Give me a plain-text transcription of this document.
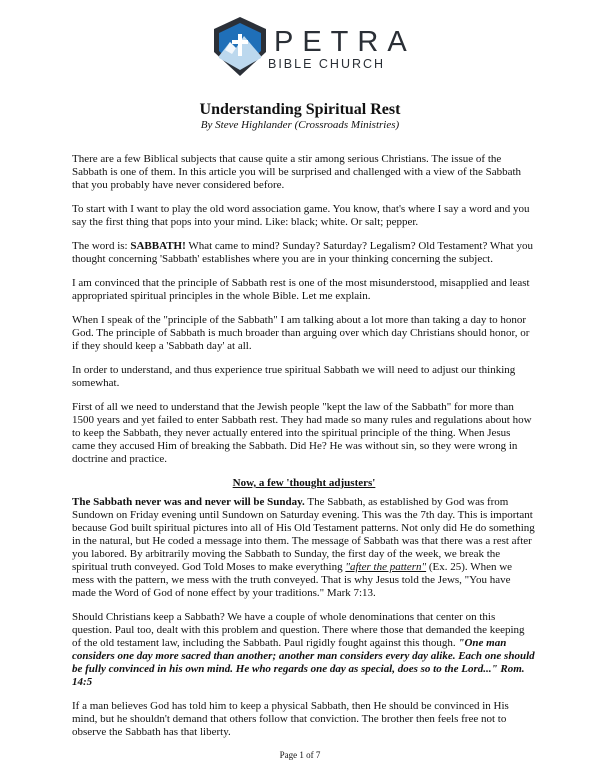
PETRA
BIBLE CHURCH
Understanding Spiritual Rest
By Steve Highlander (Crossroads Ministries)

There are a few Biblical subjects that cause quite a stir among serious Christians. The issue of the Sabbath is one of them. In this article you will be surprised and challenged with a view of the Sabbath that you probably have never considered before.

To start with I want to play the old word association game. You know, that's where I say a word and you say the first thing that pops into your mind. Like: black; white. Or salt; pepper.

The word is: SABBATH! What came to mind? Sunday? Saturday? Legalism? Old Testament? What you thought concerning 'Sabbath' establishes where you are in your thinking concerning the subject.

I am convinced that the principle of Sabbath rest is one of the most misunderstood, misapplied and least appropriated spiritual principles in the whole Bible. Let me explain.

When I speak of the "principle of the Sabbath" I am talking about a lot more than taking a day to honor God. The principle of Sabbath is much broader than arguing over which day Christians should honor, or if they should keep a 'Sabbath day' at all.

In order to understand, and thus experience true spiritual Sabbath we will need to adjust our thinking somewhat.

First of all we need to understand that the Jewish people "kept the law of the Sabbath" for more than 1500 years and yet failed to enter Sabbath rest. They had made so many rules and regulations about how to keep the Sabbath, they never actually entered into the spiritual principle of the thing. When Jesus came they accused Him of breaking the Sabbath. Did He? He was without sin, so they were wrong in doctrine and practice.

Now, a few 'thought adjusters'

The Sabbath never was and never will be Sunday. The Sabbath, as established by God was from Sundown on Friday evening until Sundown on Saturday evening. This was the 7th day. This is important because God built spiritual pictures into all of His Old Testament patterns. Not only did He do something in the natural, but He coded a message into them. The message of Sabbath was that there was a rest after you labored. By arbitrarily moving the Sabbath to Sunday, the first day of the week, we break the spiritual truth conveyed. God Told Moses to make everything "after the pattern" (Ex. 25). When we mess with the pattern, we mess with the truth conveyed. That is why Jesus told the Jews, "You have made the Word of God of none effect by your traditions." Mark 7:13.

Should Christians keep a Sabbath? We have a couple of whole denominations that center on this question. Paul too, dealt with this problem and question. There where those that demanded the keeping of the old testament law, including the Sabbath. Paul rigidly fought against this though. "One man considers one day more sacred than another; another man considers every day alike. Each one should be fully convinced in his own mind. He who regards one day as special, does so to the Lord..." Rom. 14:5

If a man believes God has told him to keep a physical Sabbath, then He should be convinced in His mind, but he shouldn't demand that others follow that conviction. The brother then feels free not to observe the Sabbath has that liberty.

Page 1 of 7
